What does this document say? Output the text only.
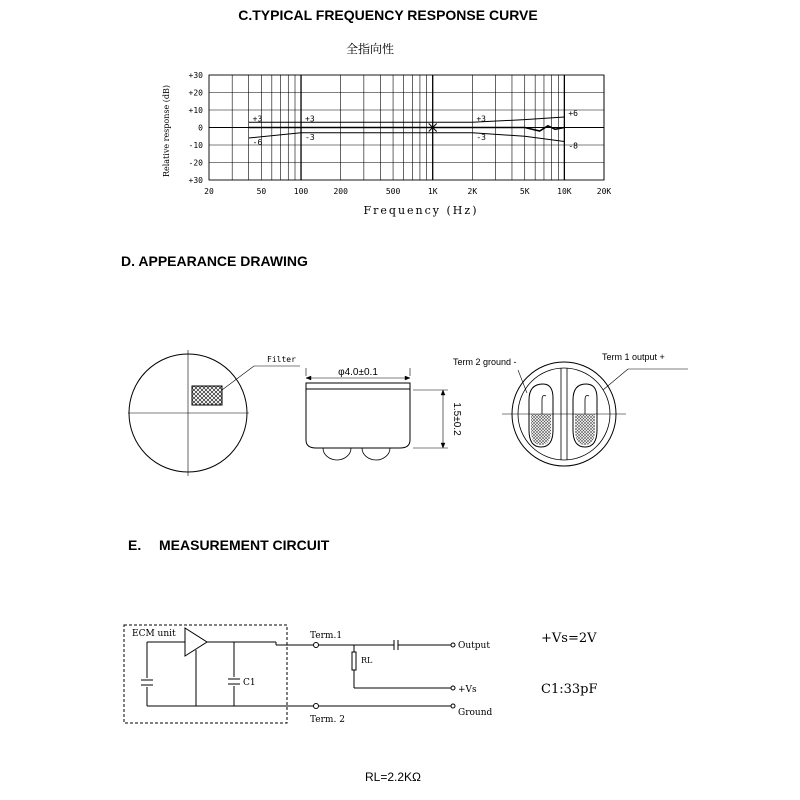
C.TYPICAL FREQUENCY RESPONSE CURVE
D. APPEARANCE DRAWING
E. MEASUREMENT CIRCUIT
RL=2.2KΩ
全指向性
+30
+20
+10
0
-10
-20
+30
20	50	100	200	500	1K	2K	5K	10K	20K
+3
-6
+3
-3
+3
-3
+6
-8
Relative response (dB)
Frequency (Hz)
Filter
φ4.0±0.1
1.5±0.2
Term 2 ground -	Term 1 output +
ECM unit
C1
Term.1
Term. 2
RL
Output
+Vs
Ground
+Vs=2V
C1:33pF
